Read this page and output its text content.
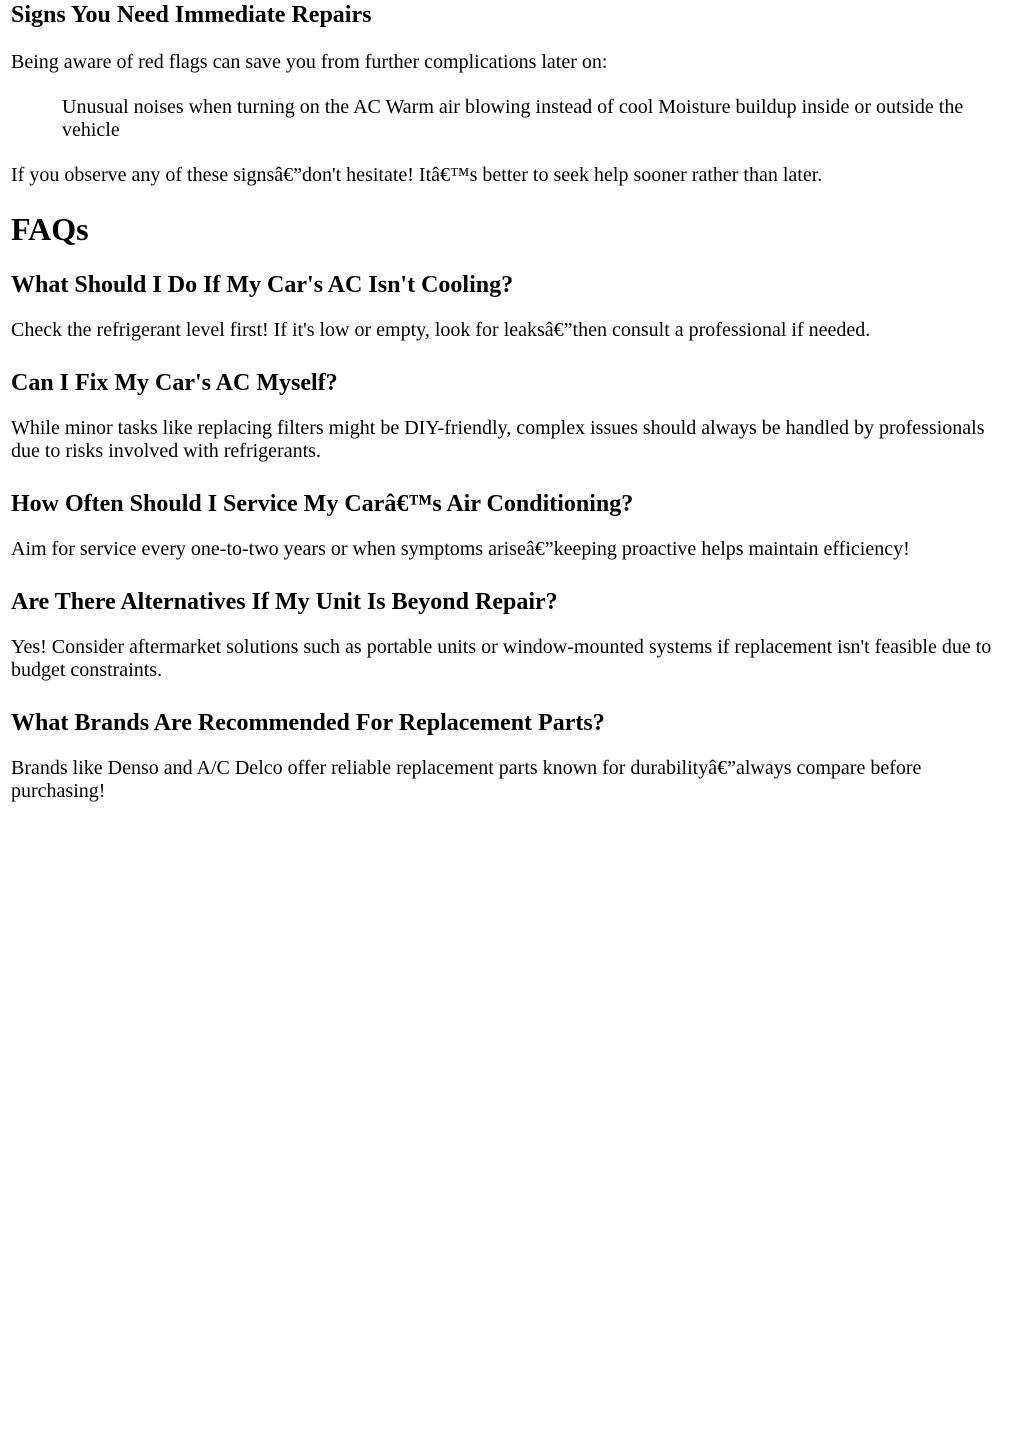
Signs You Need Immediate Repairs

Being aware of red flags can save you from further complications later on:

Unusual noises when turning on the AC Warm air blowing instead of cool Moisture buildup inside or outside the vehicle

If you observe any of these signsâ€”don't hesitate! Itâ€™s better to seek help sooner rather than later.

FAQs
What Should I Do If My Car's AC Isn't Cooling?

Check the refrigerant level first! If it's low or empty, look for leaksâ€”then consult a professional if needed.

Can I Fix My Car's AC Myself?

While minor tasks like replacing filters might be DIY-friendly, complex issues should always be handled by professionals due to risks involved with refrigerants.

How Often Should I Service My Carâ€™s Air Conditioning?

Aim for service every one-to-two years or when symptoms ariseâ€”keeping proactive helps maintain efficiency!

Are There Alternatives If My Unit Is Beyond Repair?

Yes! Consider aftermarket solutions such as portable units or window-mounted systems if replacement isn't feasible due to budget constraints.

What Brands Are Recommended For Replacement Parts?

Brands like Denso and A/C Delco offer reliable replacement parts known for durabilityâ€”always compare before purchasing!
